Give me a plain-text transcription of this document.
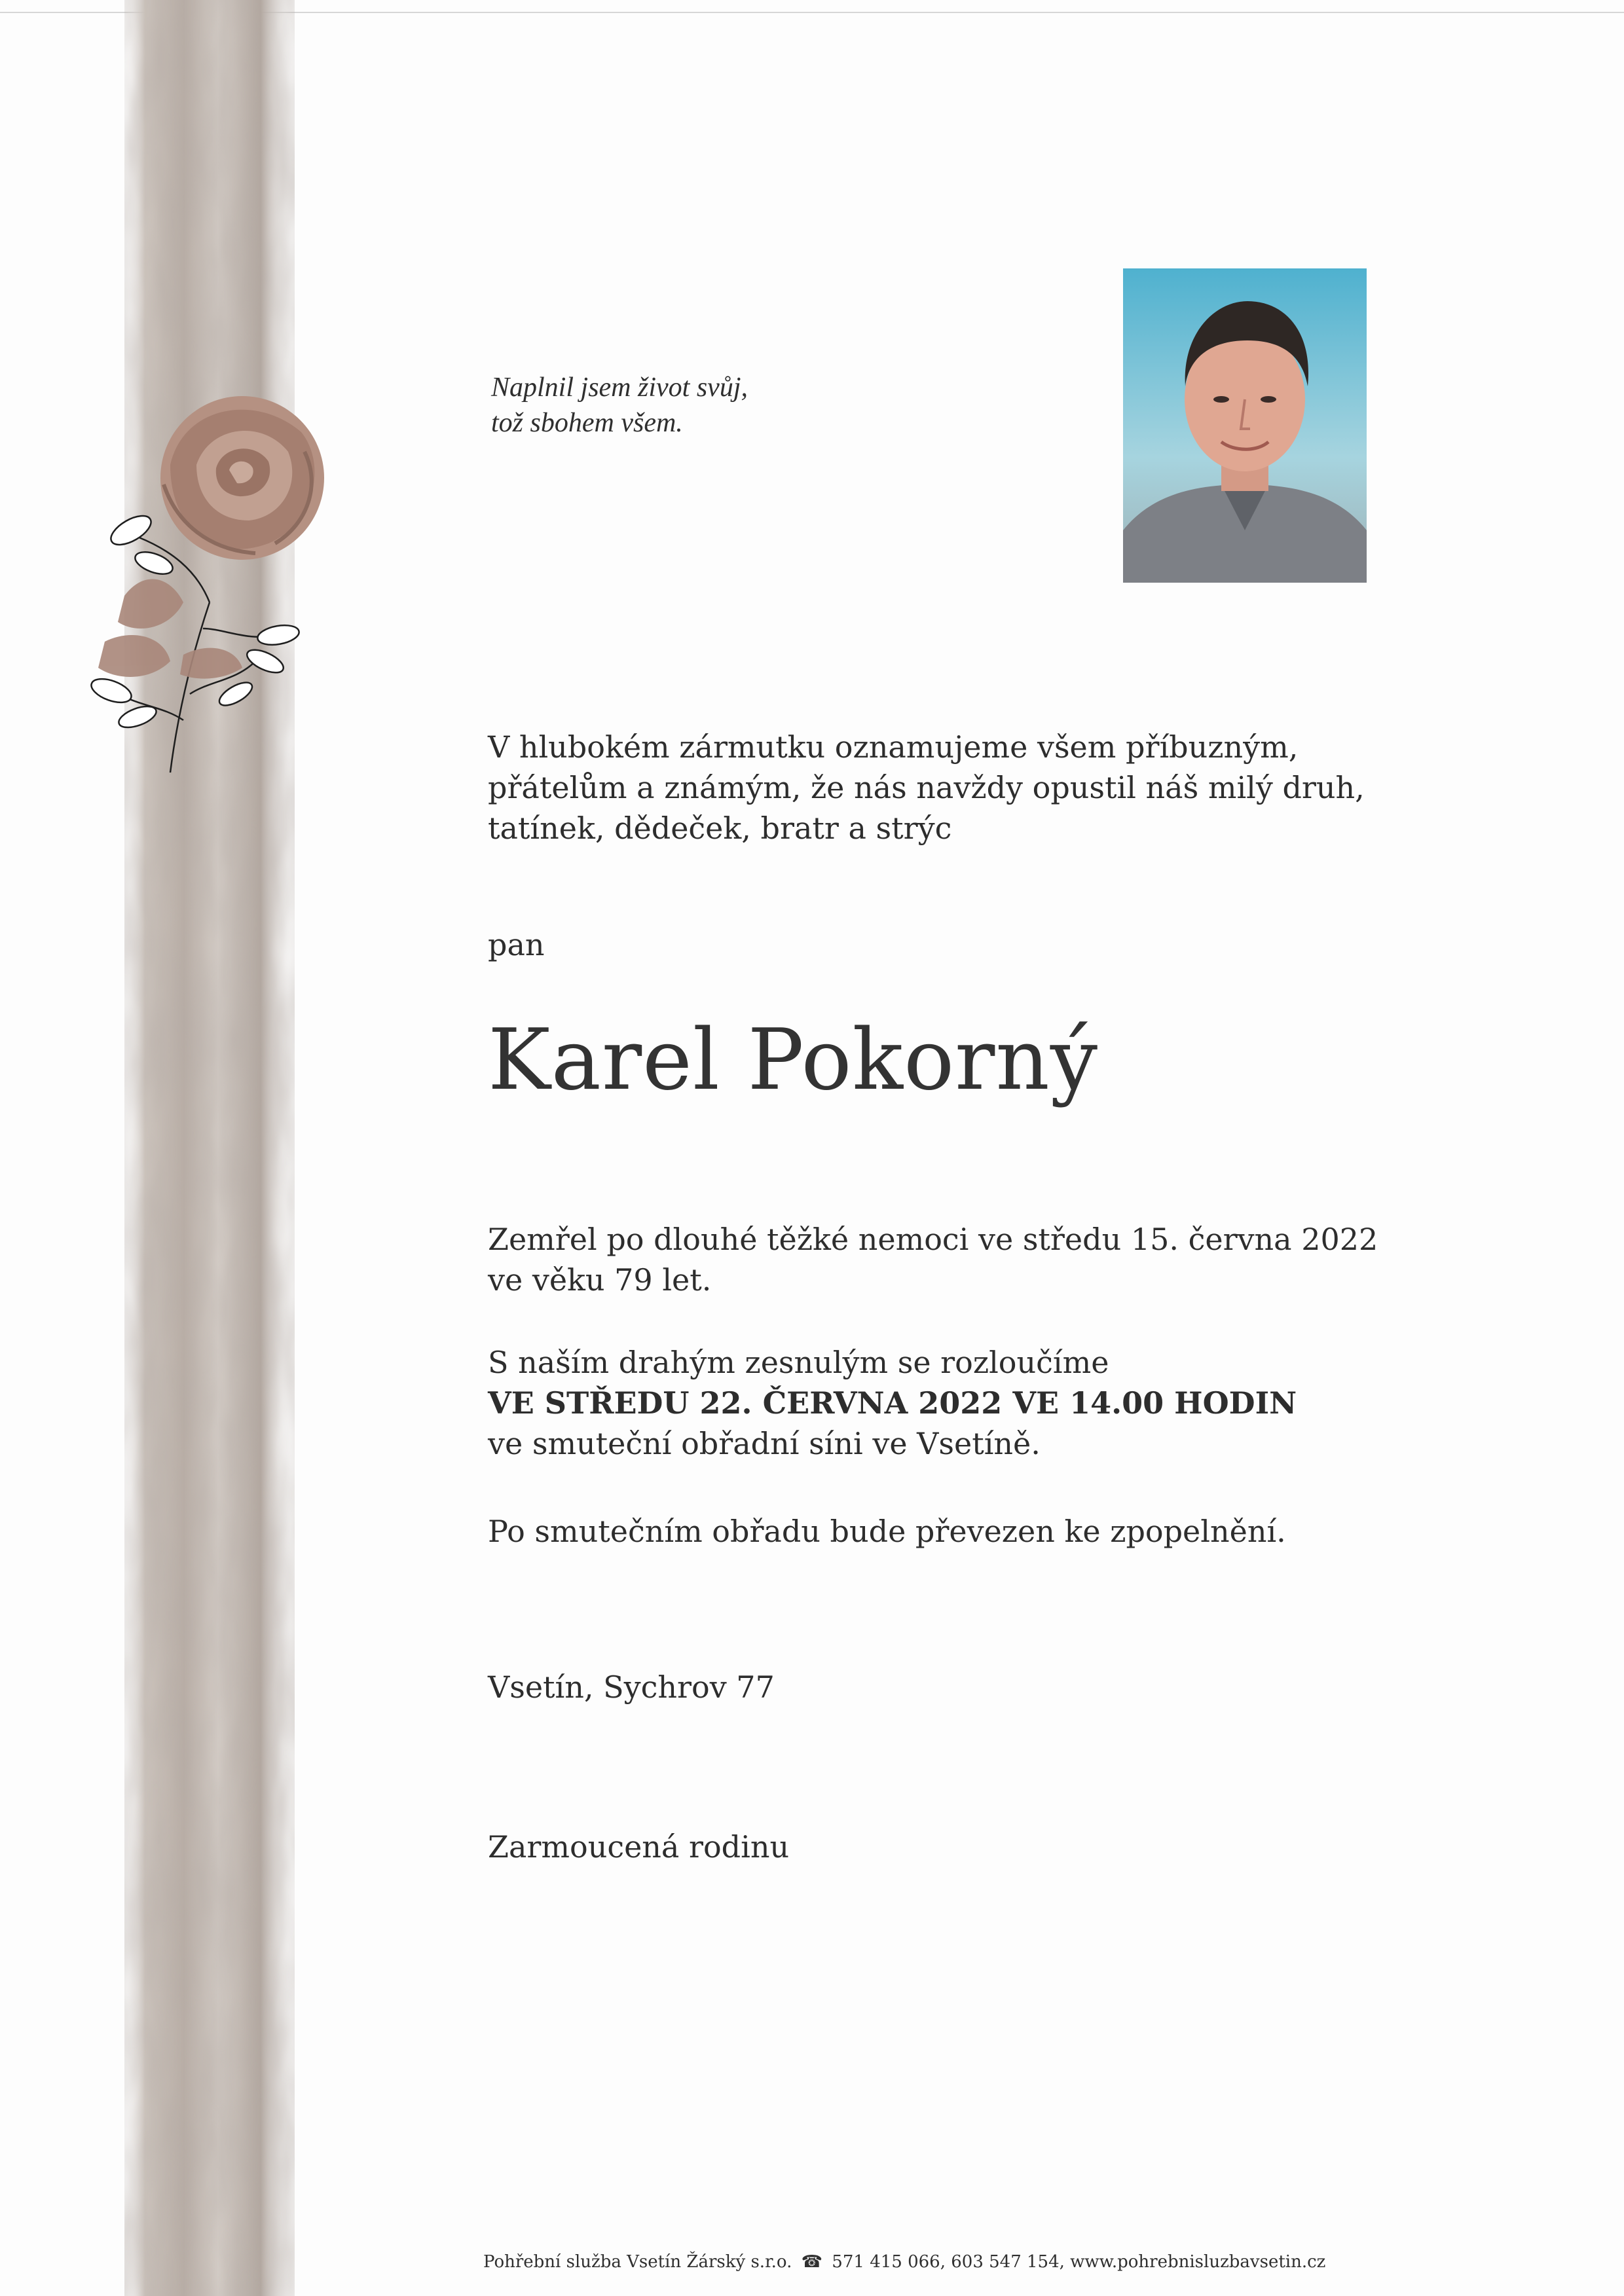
Naplnil jsem život svůj,
tož sbohem všem.
V hlubokém zármutku oznamujeme všem příbuzným,
přátelům a známým, že nás navždy opustil náš milý druh,
tatínek, dědeček, bratr a strýc
pan
Karel Pokorný
Zemřel po dlouhé těžké nemoci ve středu 15. června 2022
ve věku 79 let.
S naším drahým zesnulým se rozloučíme
VE STŘEDU 22. ČERVNA 2022 VE 14.00 HODIN
ve smuteční obřadní síni ve Vsetíně.
Po smutečním obřadu bude převezen ke zpopelnění.
Vsetín, Sychrov 77
Zarmoucená rodinu
Pohřební služba Vsetín Žárský s.r.o. ☎ 571 415 066, 603 547 154, www.pohrebnisluzbavsetin.cz
